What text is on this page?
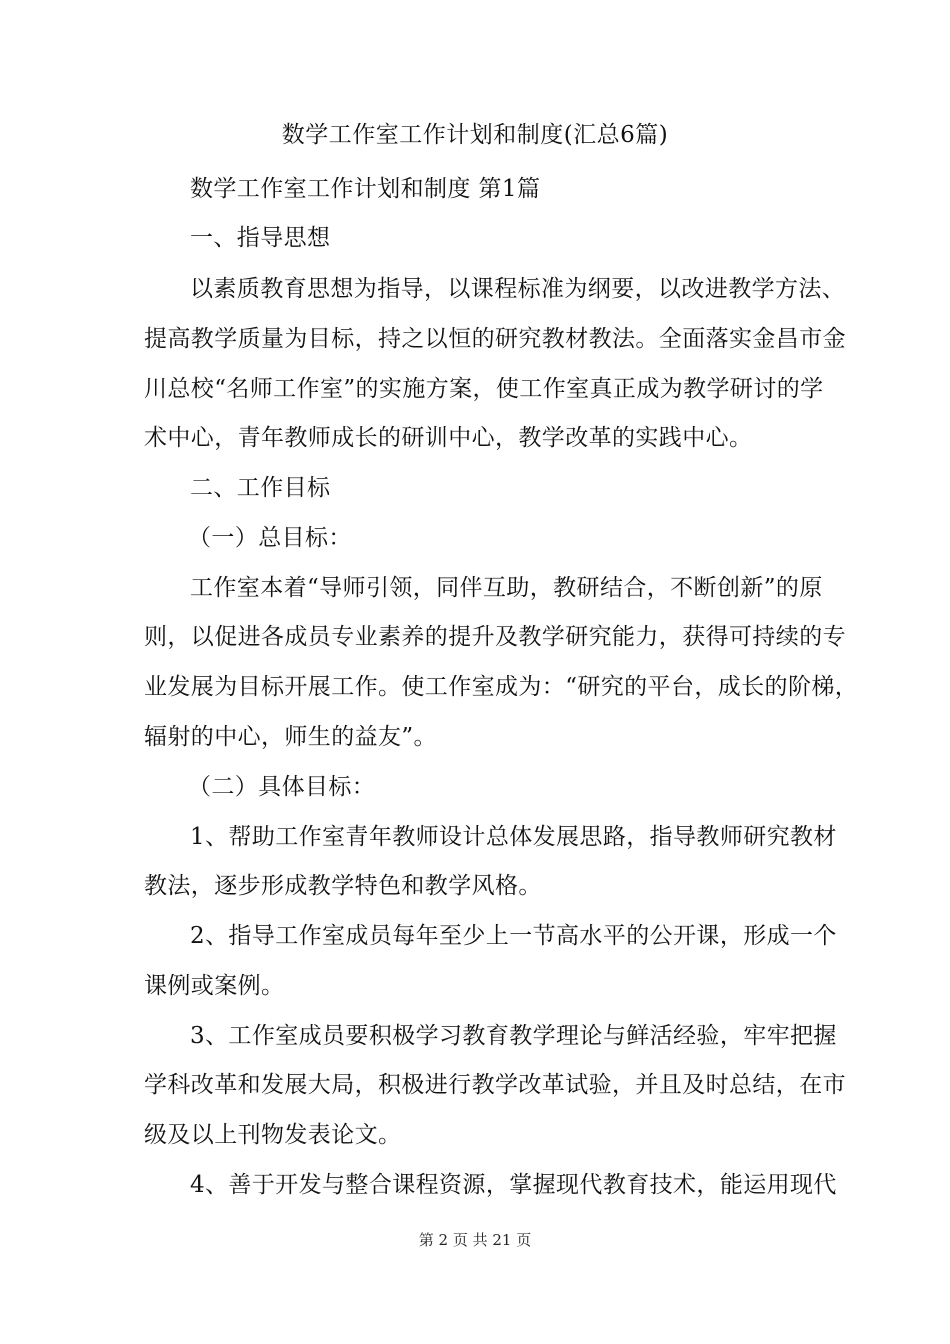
数学工作室工作计划和制度(汇总6篇)
数学工作室工作计划和制度 第1篇
一、指导思想
以素质教育思想为指导，以课程标准为纲要，以改进教学方法、
提高教学质量为目标，持之以恒的研究教材教法。全面落实金昌市金
川总校“名师工作室”的实施方案，使工作室真正成为教学研讨的学
术中心，青年教师成长的研训中心，教学改革的实践中心。
二、工作目标
（一）总目标：
工作室本着“导师引领，同伴互助，教研结合，不断创新”的原
则，以促进各成员专业素养的提升及教学研究能力，获得可持续的专
业发展为目标开展工作。使工作室成为：“研究的平台，成长的阶梯，
辐射的中心，师生的益友”。
（二）具体目标：
1、帮助工作室青年教师设计总体发展思路，指导教师研究教材
教法，逐步形成教学特色和教学风格。
2、指导工作室成员每年至少上一节高水平的公开课，形成一个
课例或案例。
3、工作室成员要积极学习教育教学理论与鲜活经验，牢牢把握
学科改革和发展大局，积极进行教学改革试验，并且及时总结，在市
级及以上刊物发表论文。
4、善于开发与整合课程资源，掌握现代教育技术，能运用现代
第 2 页 共 21 页
